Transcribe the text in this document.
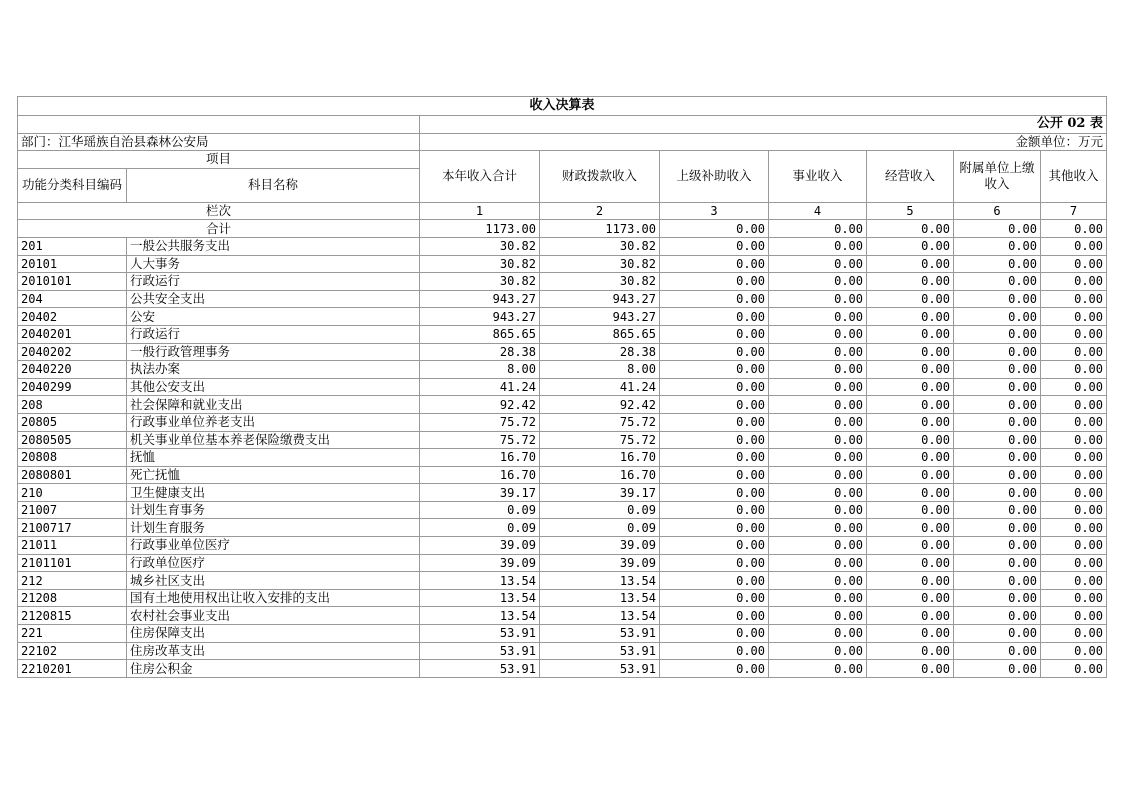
收入决算表								
		公开 02 表						
部门：江华瑶族自治县森林公安局		金额单位：万元						
项目		本年收入合计	财政拨款收入	上级补助收入	事业收入	经营收入	附属单位上缴收入	其他收入
功能分类科目编码	科目名称							
栏次		1	2	3	4	5	6	7
合计		1173.00	1173.00	0.00	0.00	0.00	0.00	0.00
201	一般公共服务支出	30.82	30.82	0.00	0.00	0.00	0.00	0.00
20101	人大事务	30.82	30.82	0.00	0.00	0.00	0.00	0.00
2010101	行政运行	30.82	30.82	0.00	0.00	0.00	0.00	0.00
204	公共安全支出	943.27	943.27	0.00	0.00	0.00	0.00	0.00
20402	公安	943.27	943.27	0.00	0.00	0.00	0.00	0.00
2040201	行政运行	865.65	865.65	0.00	0.00	0.00	0.00	0.00
2040202	一般行政管理事务	28.38	28.38	0.00	0.00	0.00	0.00	0.00
2040220	执法办案	8.00	8.00	0.00	0.00	0.00	0.00	0.00
2040299	其他公安支出	41.24	41.24	0.00	0.00	0.00	0.00	0.00
208	社会保障和就业支出	92.42	92.42	0.00	0.00	0.00	0.00	0.00
20805	行政事业单位养老支出	75.72	75.72	0.00	0.00	0.00	0.00	0.00
2080505	机关事业单位基本养老保险缴费支出	75.72	75.72	0.00	0.00	0.00	0.00	0.00
20808	抚恤	16.70	16.70	0.00	0.00	0.00	0.00	0.00
2080801	死亡抚恤	16.70	16.70	0.00	0.00	0.00	0.00	0.00
210	卫生健康支出	39.17	39.17	0.00	0.00	0.00	0.00	0.00
21007	计划生育事务	0.09	0.09	0.00	0.00	0.00	0.00	0.00
2100717	计划生育服务	0.09	0.09	0.00	0.00	0.00	0.00	0.00
21011	行政事业单位医疗	39.09	39.09	0.00	0.00	0.00	0.00	0.00
2101101	行政单位医疗	39.09	39.09	0.00	0.00	0.00	0.00	0.00
212	城乡社区支出	13.54	13.54	0.00	0.00	0.00	0.00	0.00
21208	国有土地使用权出让收入安排的支出	13.54	13.54	0.00	0.00	0.00	0.00	0.00
2120815	农村社会事业支出	13.54	13.54	0.00	0.00	0.00	0.00	0.00
221	住房保障支出	53.91	53.91	0.00	0.00	0.00	0.00	0.00
22102	住房改革支出	53.91	53.91	0.00	0.00	0.00	0.00	0.00
2210201	住房公积金	53.91	53.91	0.00	0.00	0.00	0.00	0.00
